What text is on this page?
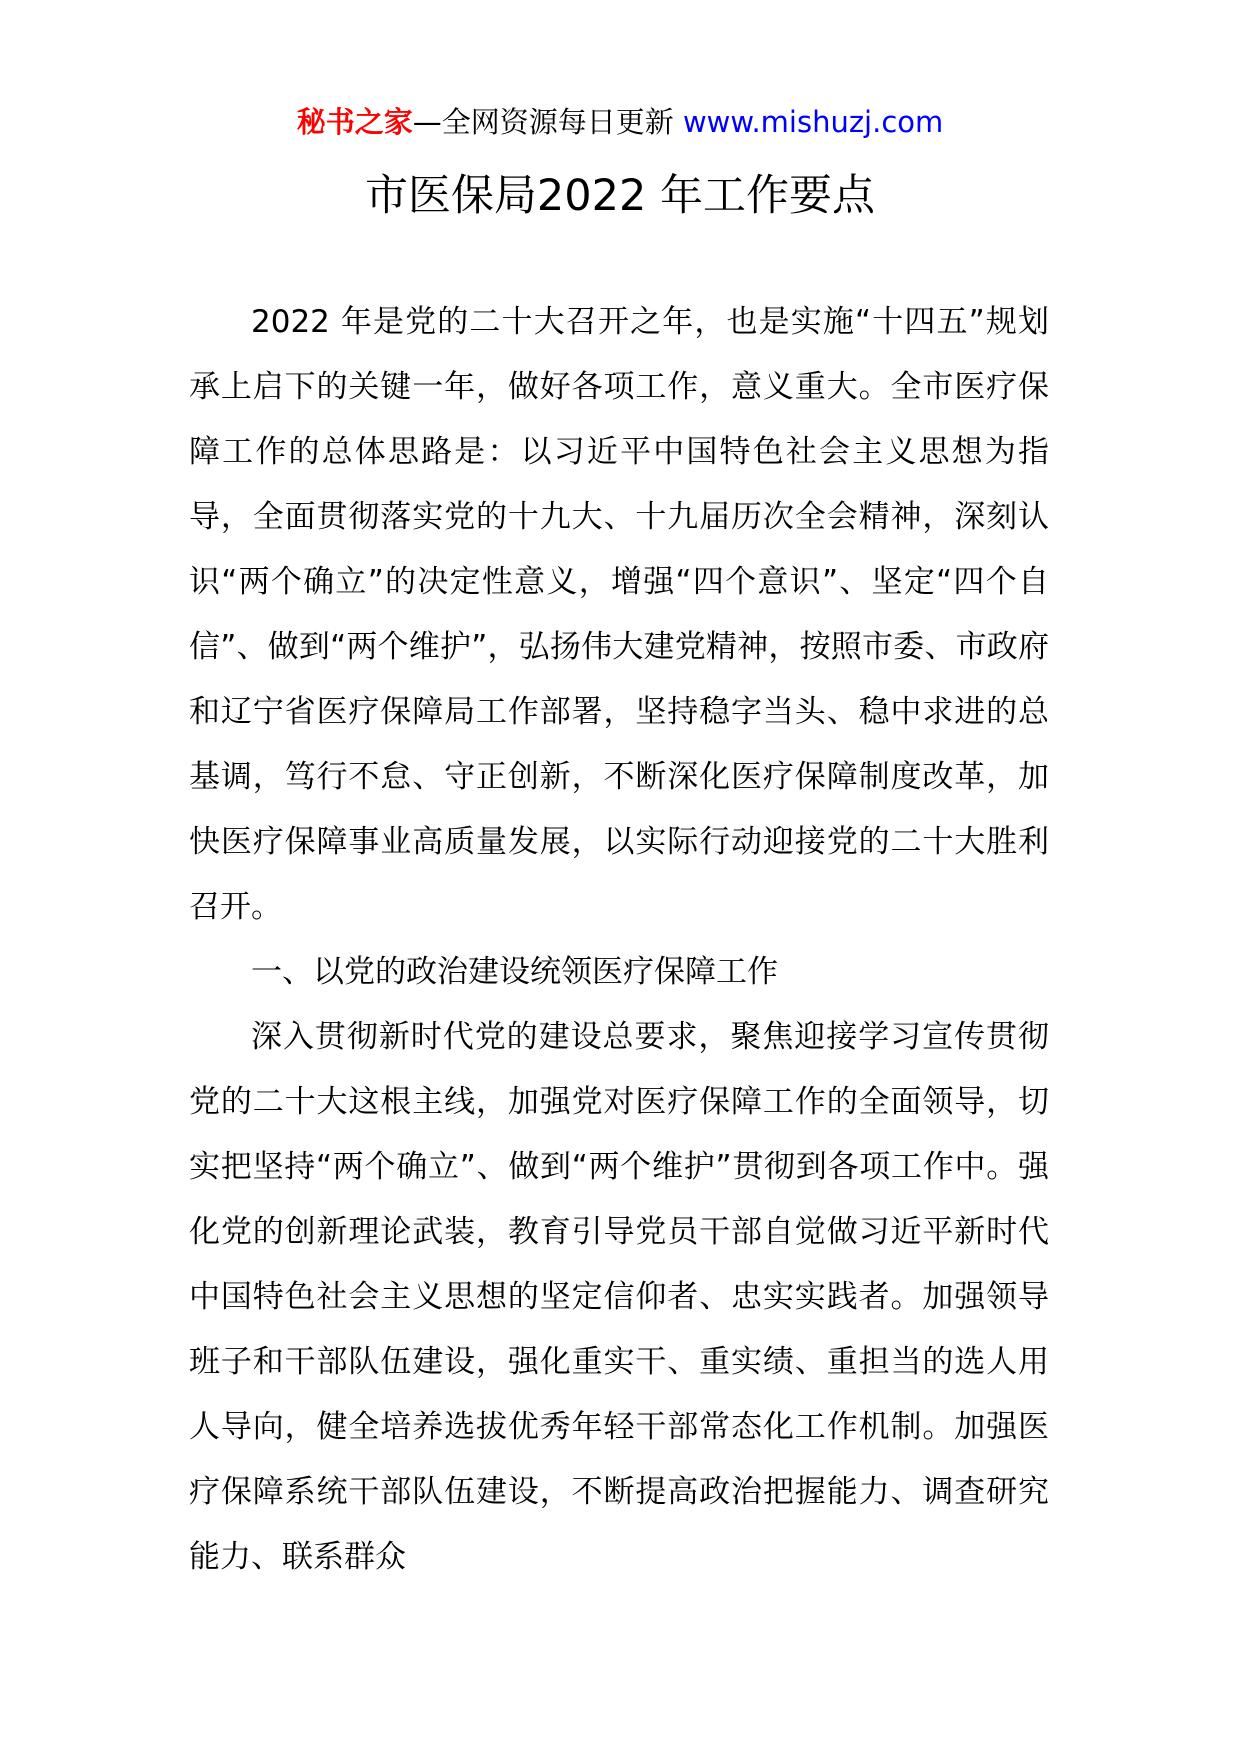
秘书之家—全网资源每日更新 www.mishuzj.com
市医保局2022 年工作要点

2022 年是党的二十大召开之年，也是实施“十四五”规划承上启下的关键一年，做好各项工作，意义重大。全市医疗保障工作的总体思路是：以习近平中国特色社会主义思想为指导，全面贯彻落实党的十九大、十九届历次全会精神，深刻认识“两个确立”的决定性意义，增强“四个意识”、坚定“四个自信”、做到“两个维护”，弘扬伟大建党精神，按照市委、市政府和辽宁省医疗保障局工作部署，坚持稳字当头、稳中求进的总基调，笃行不怠、守正创新，不断深化医疗保障制度改革，加快医疗保障事业高质量发展，以实际行动迎接党的二十大胜利召开。

一、以党的政治建设统领医疗保障工作

深入贯彻新时代党的建设总要求，聚焦迎接学习宣传贯彻党的二十大这根主线，加强党对医疗保障工作的全面领导，切实把坚持“两个确立”、做到“两个维护”贯彻到各项工作中。强化党的创新理论武装，教育引导党员干部自觉做习近平新时代中国特色社会主义思想的坚定信仰者、忠实实践者。加强领导班子和干部队伍建设，强化重实干、重实绩、重担当的选人用人导向，健全培养选拔优秀年轻干部常态化工作机制。加强医疗保障系统干部队伍建设，不断提高政治把握能力、调查研究能力、联系群众
